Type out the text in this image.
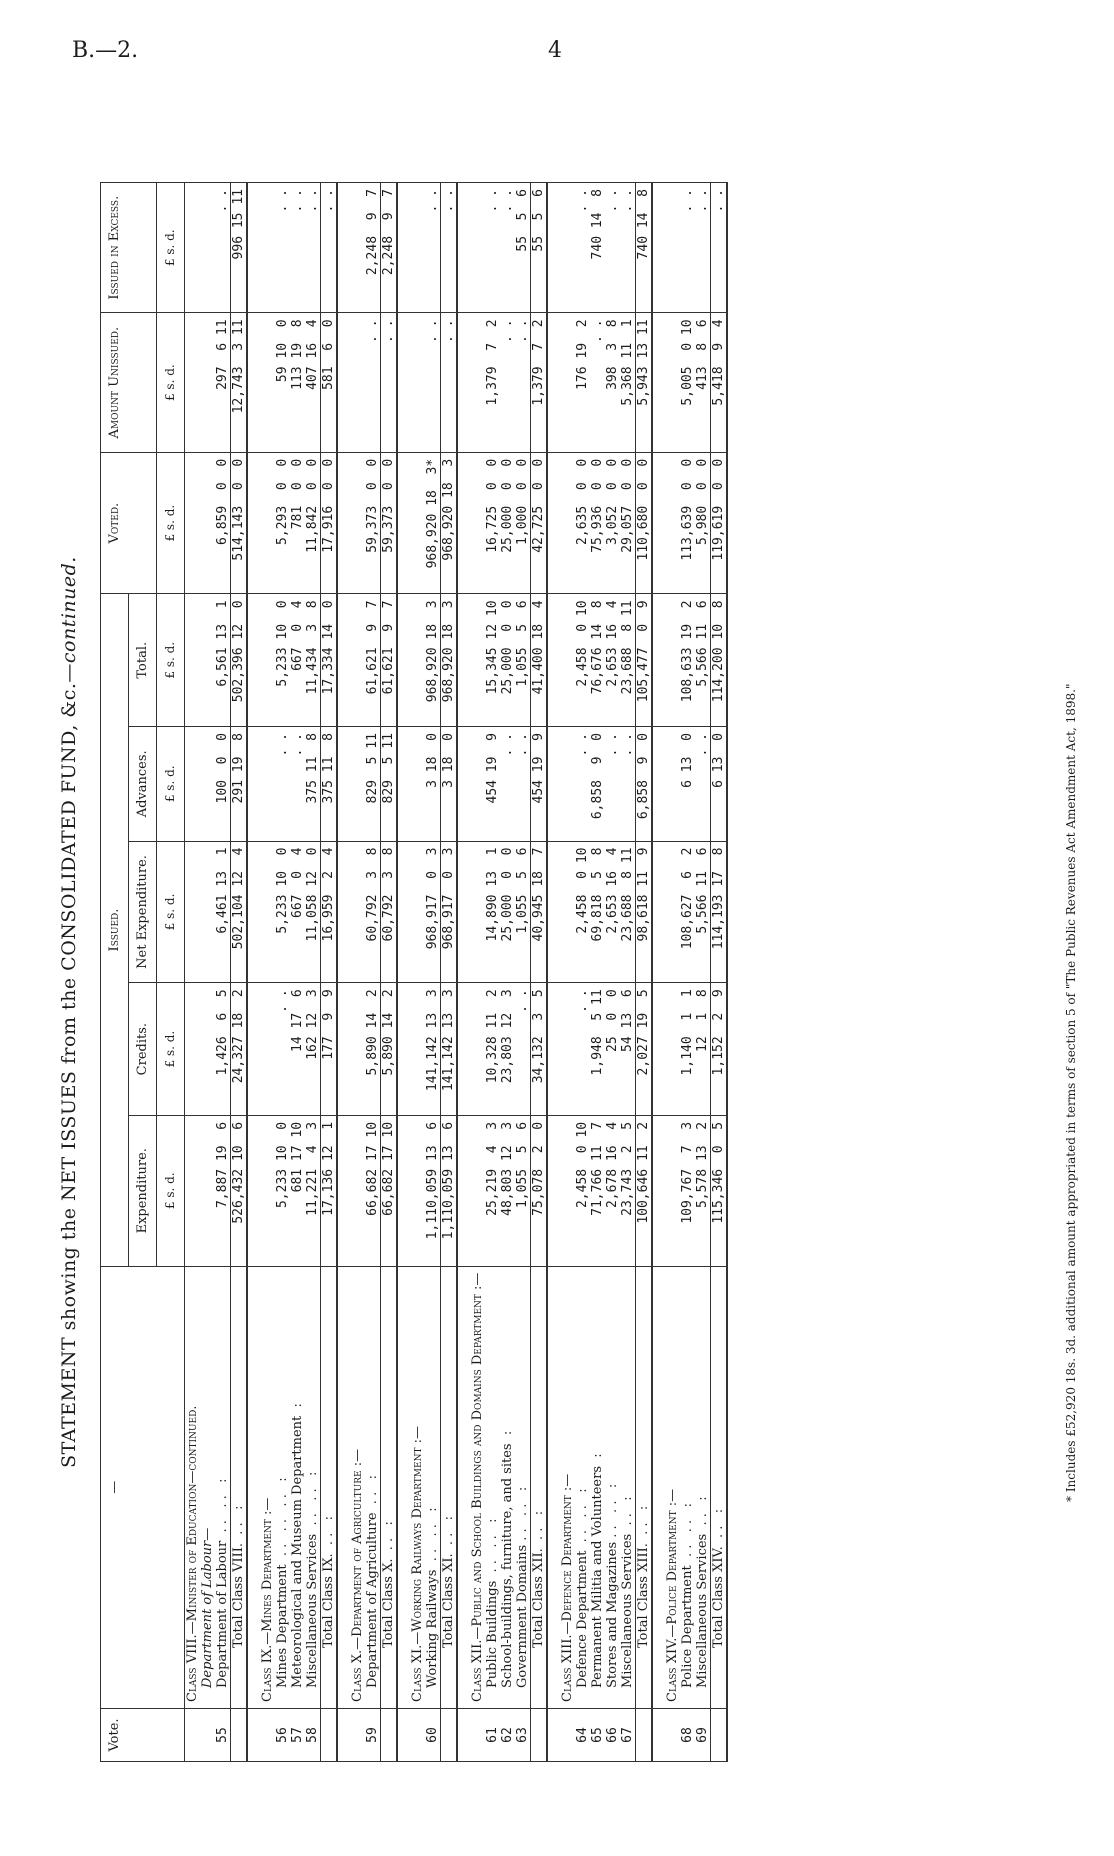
B.—2.	4
STATEMENT showing the NET ISSUES from the CONSOLIDATED FUND, &c.—continued.
Vote.	—	Issued.					Voted.	Amount Unissued.	Issued in Excess.
		Expenditure.	Credits.	Net Expenditure.	Advances.	Total.			
		£ s. d.	£ s. d.	£ s. d.	£ s. d.	£ s. d.	£ s. d.	£ s. d.	£ s. d.
	Class VIII.—Minister of Education—continued.								
	Department of Labour—								
55	Department of Labour  . .   . .   :	7,887 19  6	1,426  6  5	6,461 13  1	100  0  0	6,561 13  1	6,859  0  0	297  6 11	. .
	Total Class VIII.  . .   :	526,432 10  6	24,327 18  2	502,104 12  4	291 19  8	502,396 12  0	514,143  0  0	12,743  3 11	996 15 11

	Class IX.—Mines Department :—								
56	Mines Department  . .   . .   . .   :	5,233 10  0	. .	5,233 10  0	. .	5,233 10  0	5,293  0  0	59 10  0	. .
57	Meteorological and Museum Department  :	681 17 10	14 17  6	667  0  4	. .	667  0  4	781  0  0	113 19  8	. .
58	Miscellaneous Services  . .   . .   :	11,221  4  3	162 12  3	11,058 12  0	375 11  8	11,434  3  8	11,842  0  0	407 16  4	. .
	Total Class IX.  . .   :	17,136 12  1	177  9  9	16,959  2  4	375 11  8	17,334 14  0	17,916  0  0	581  6  0	. .

	Class X.—Department of Agriculture :—								
59	Department of Agriculture  . .   :	66,682 17 10	5,890 14  2	60,792  3  8	829  5 11	61,621  9  7	59,373  0  0	. .	2,248  9  7
	Total Class X.  . .   :	66,682 17 10	5,890 14  2	60,792  3  8	829  5 11	61,621  9  7	59,373  0  0	. .	2,248  9  7

	Class XI.—Working Railways Department :—								
60	Working Railways  . .   . .   :	1,110,059 13  6	141,142 13  3	968,917  0  3	3 18  0	968,920 18  3	968,920 18  3*	. .	. .
	Total Class XI.  . .   :	1,110,059 13  6	141,142 13  3	968,917  0  3	3 18  0	968,920 18  3	968,920 18  3	. .	. .

	Class XII.—Public and School Buildings and Domains Department :—								
61	Public Buildings  . .   . .   :	25,219  4  3	10,328 11  2	14,890 13  1	454 19  9	15,345 12 10	16,725  0  0	1,379  7  2	. .
62	School-buildings, furniture, and sites  :	48,803 12  3	23,803 12  3	25,000  0  0	. .	25,000  0  0	25,000  0  0	. .	. .
63	Government Domains . .   . .   :	1,055  5  6	. .	1,055  5  6	. .	1,055  5  6	1,000  0  0	. .	55  5  6
	Total Class XII.  . .   :	75,078  2  0	34,132  3  5	40,945 18  7	454 19  9	41,400 18  4	42,725  0  0	1,379  7  2	55  5  6

	Class XIII.—Defence Department :—								
64	Defence Department  . .   . .   :	2,458  0 10	. .	2,458  0 10	. .	2,458  0 10	2,635  0  0	176 19  2	. .
65	Permanent Militia and Volunteers  :	71,766 11  7	1,948  5 11	69,818  5  8	6,858  9  0	76,676 14  8	75,936  0  0	. .	740 14  8
66	Stores and Magazines . .   . .   :	2,678 16  4	25  0  0	2,653 16  4	. .	2,653 16  4	3,052  0  0	398  3  8	. .
67	Miscellaneous Services  . .   :	23,743  2  5	54 13  6	23,688  8 11	. .	23,688  8 11	29,057  0  0	5,368 11  1	. .
	Total Class XIII.  . .   :	100,646 11  2	2,027 19  5	98,618 11  9	6,858  9  0	105,477  0  9	110,680  0  0	5,943 13 11	740 14  8

	Class XIV.—Police Department :—								
68	Police Department  . .   . .   :	109,767  7  3	1,140  1  1	108,627  6  2	6 13  0	108,633 19  2	113,639  0  0	5,005  0 10	. .
69	Miscellaneous Services  . .   :	5,578 13  2	12  1  8	5,566 11  6	. .	5,566 11  6	5,980  0  0	413  8  6	. .
	Total Class XIV.  . .   :	115,346  0  5	1,152  2  9	114,193 17  8	6 13  0	114,200 10  8	119,619  0  0	5,418  9  4	. .
* Includes £52,920 18s. 3d. additional amount appropriated in terms of section 5 of "The Public Revenues Act Amendment Act, 1898."
